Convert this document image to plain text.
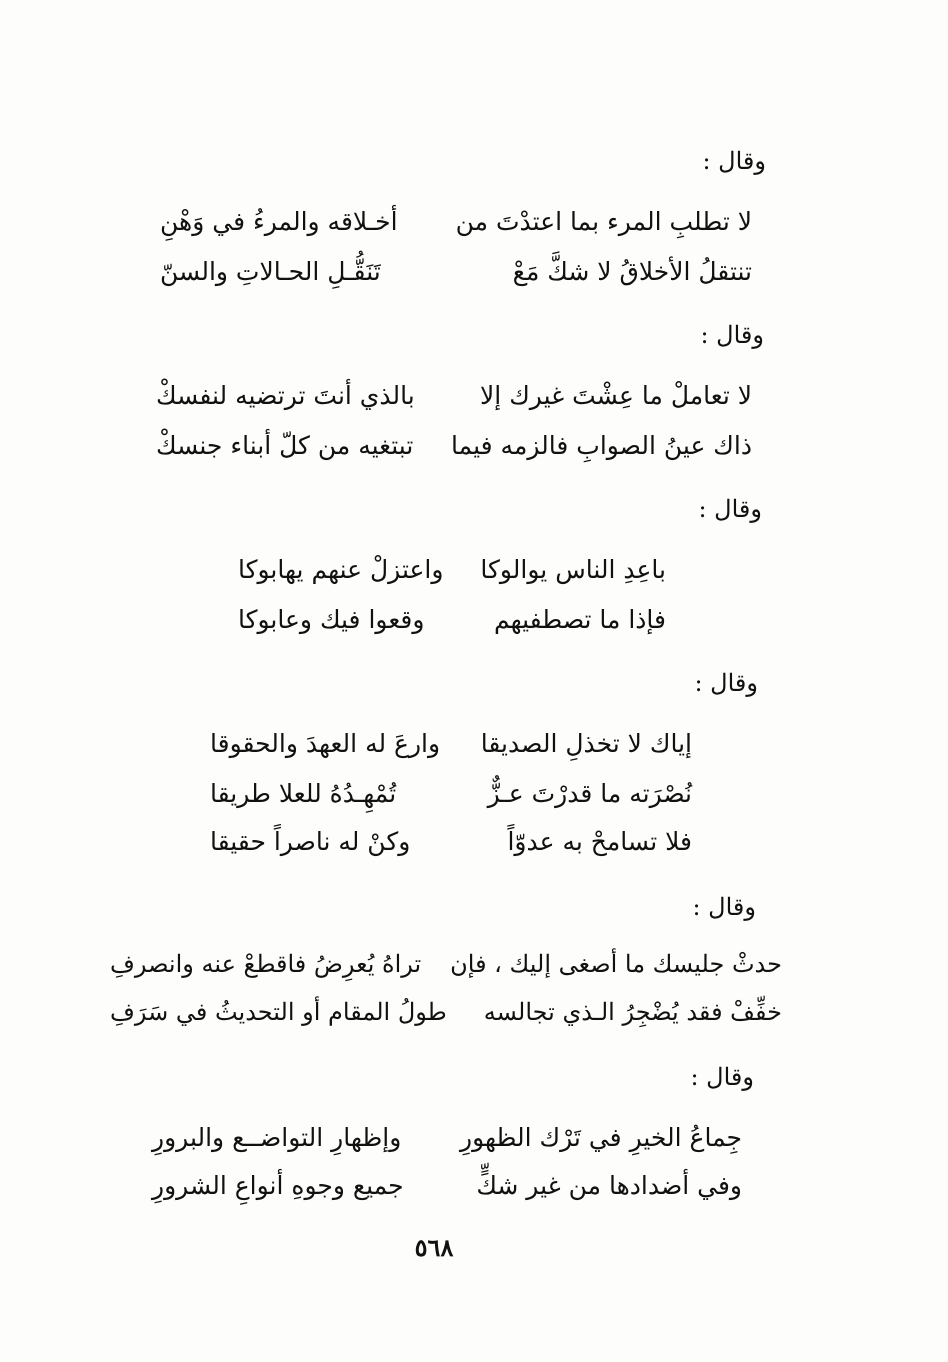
وقال :
لا تطلبِ المرء بما اعتدْتَ من
أخـلاقه والمرءُ في وَهْنِ
تنتقلُ الأخلاقُ لا شكَّ مَعْ
تَنَقُّـلِ الحـالاتِ والسنّ
وقال :
لا تعاملْ ما عِشْتَ غيرك إلا
بالذي أنتَ ترتضيه لنفسكْ
ذاك عينُ الصوابِ فالزمه فيما
تبتغيه من كلّ أبناء جنسكْ
وقال :
باعِدِ الناس يوالوكا
واعتزلْ عنهم يهابوكا
فإذا ما تصطفيهم
وقعوا فيك وعابوكا
وقال :
إياك لا تخذلِ الصديقا
وارعَ له العهدَ والحقوقا
نُصْرَته ما قدرْتَ عـزٌّ
تُمْهِـدُهُ للعلا طريقا
فلا تسامحْ به عدوّاً
وكنْ له ناصراً حقيقا
وقال :
حدثْ جليسك ما أصغى إليك ، فإن
تراهُ يُعرِضُ فاقطعْ عنه وانصرفِ
خفِّفْ فقد يُضْجِرُ الـذي تجالسه
طولُ المقام أو التحديثُ في سَرَفِ
وقال :
جِماعُ الخيرِ في تَرْك الظهورِ
وإظهارِ التواضــع والبرورِ
وفي أضدادها من غير شكٍّ
جميع وجوهِ أنواعِ الشرورِ
٥٦٨
